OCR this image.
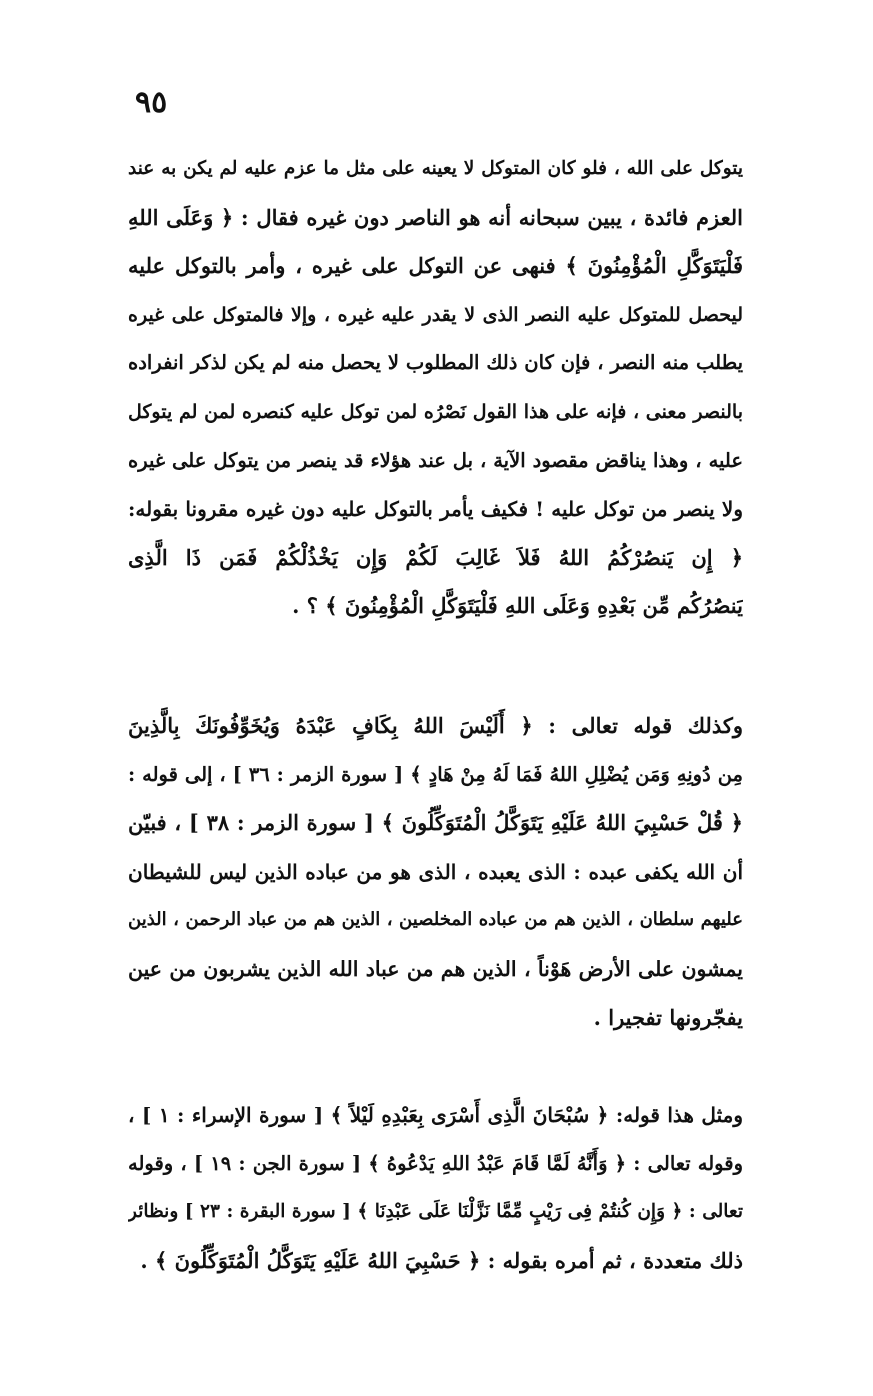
٩٥
يتوكل على الله ، فلو كان المتوكل لا يعينه على مثل ما عزم عليه لم يكن به عند
العزم فائدة ، يبين سبحانه أنه هو الناصر دون غيره فقال : ﴿ وَعَلَى اللهِ
فَلْيَتَوَكَّلِ الْمُؤْمِنُونَ ﴾ فنهى عن التوكل على غيره ، وأمر بالتوكل عليه
ليحصل للمتوكل عليه النصر الذى لا يقدر عليه غيره ، وإلا فالمتوكل على غيره
يطلب منه النصر ، فإن كان ذلك المطلوب لا يحصل منه لم يكن لذكر انفراده
بالنصر معنى ، فإنه على هذا القول نَصْرُه لمن توكل عليه كنصره لمن لم يتوكل
عليه ، وهذا يناقض مقصود الآية ، بل عند هؤلاء قد ينصر من يتوكل على غيره
ولا ينصر من توكل عليه ! فكيف يأمر بالتوكل عليه دون غيره مقرونا بقوله:
﴿ إِن يَنصُرْكُمُ اللهُ فَلاَ غَالِبَ لَكُمْ وَإِن يَخْذُلْكُمْ فَمَن ذَا الَّذِى
يَنصُرُكُم مِّن بَعْدِهِ وَعَلَى اللهِ فَلْيَتَوَكَّلِ الْمُؤْمِنُونَ ﴾ ؟ .
وكذلك قوله تعالى : ﴿ أَلَيْسَ اللهُ بِكَافٍ عَبْدَهُ وَيُخَوِّفُونَكَ بِالَّذِينَ
مِن دُونِهِ وَمَن يُضْلِلِ اللهُ فَمَا لَهُ مِنْ هَادٍ ﴾ [ سورة الزمر : ٣٦ ] ، إلى قوله :
﴿ قُلْ حَسْبِيَ اللهُ عَلَيْهِ يَتَوَكَّلُ الْمُتَوَكِّلُونَ ﴾ [ سورة الزمر : ٣٨ ] ، فبيّن
أن الله يكفى عبده : الذى يعبده ، الذى هو من عباده الذين ليس للشيطان
عليهم سلطان ، الذين هم من عباده المخلصين ، الذين هم من عباد الرحمن ، الذين
يمشون على الأرض هَوْناً ، الذين هم من عباد الله الذين يشربون من عين
يفجّرونها تفجيرا .
ومثل هذا قوله: ﴿ سُبْحَانَ الَّذِى أَسْرَى بِعَبْدِهِ لَيْلاً ﴾ [ سورة الإسراء : ١ ] ،
وقوله تعالى : ﴿ وَأَنَّهُ لَمَّا قَامَ عَبْدُ اللهِ يَدْعُوهُ ﴾ [ سورة الجن : ١٩ ] ، وقوله
تعالى : ﴿ وَإِن كُنتُمْ فِى رَيْبٍ مِّمَّا نَزَّلْنَا عَلَى عَبْدِنَا ﴾ [ سورة البقرة : ٢٣ ] ونظائر
ذلك متعددة ، ثم أمره بقوله : ﴿ حَسْبِيَ اللهُ عَلَيْهِ يَتَوَكَّلُ الْمُتَوَكِّلُونَ ﴾ .
